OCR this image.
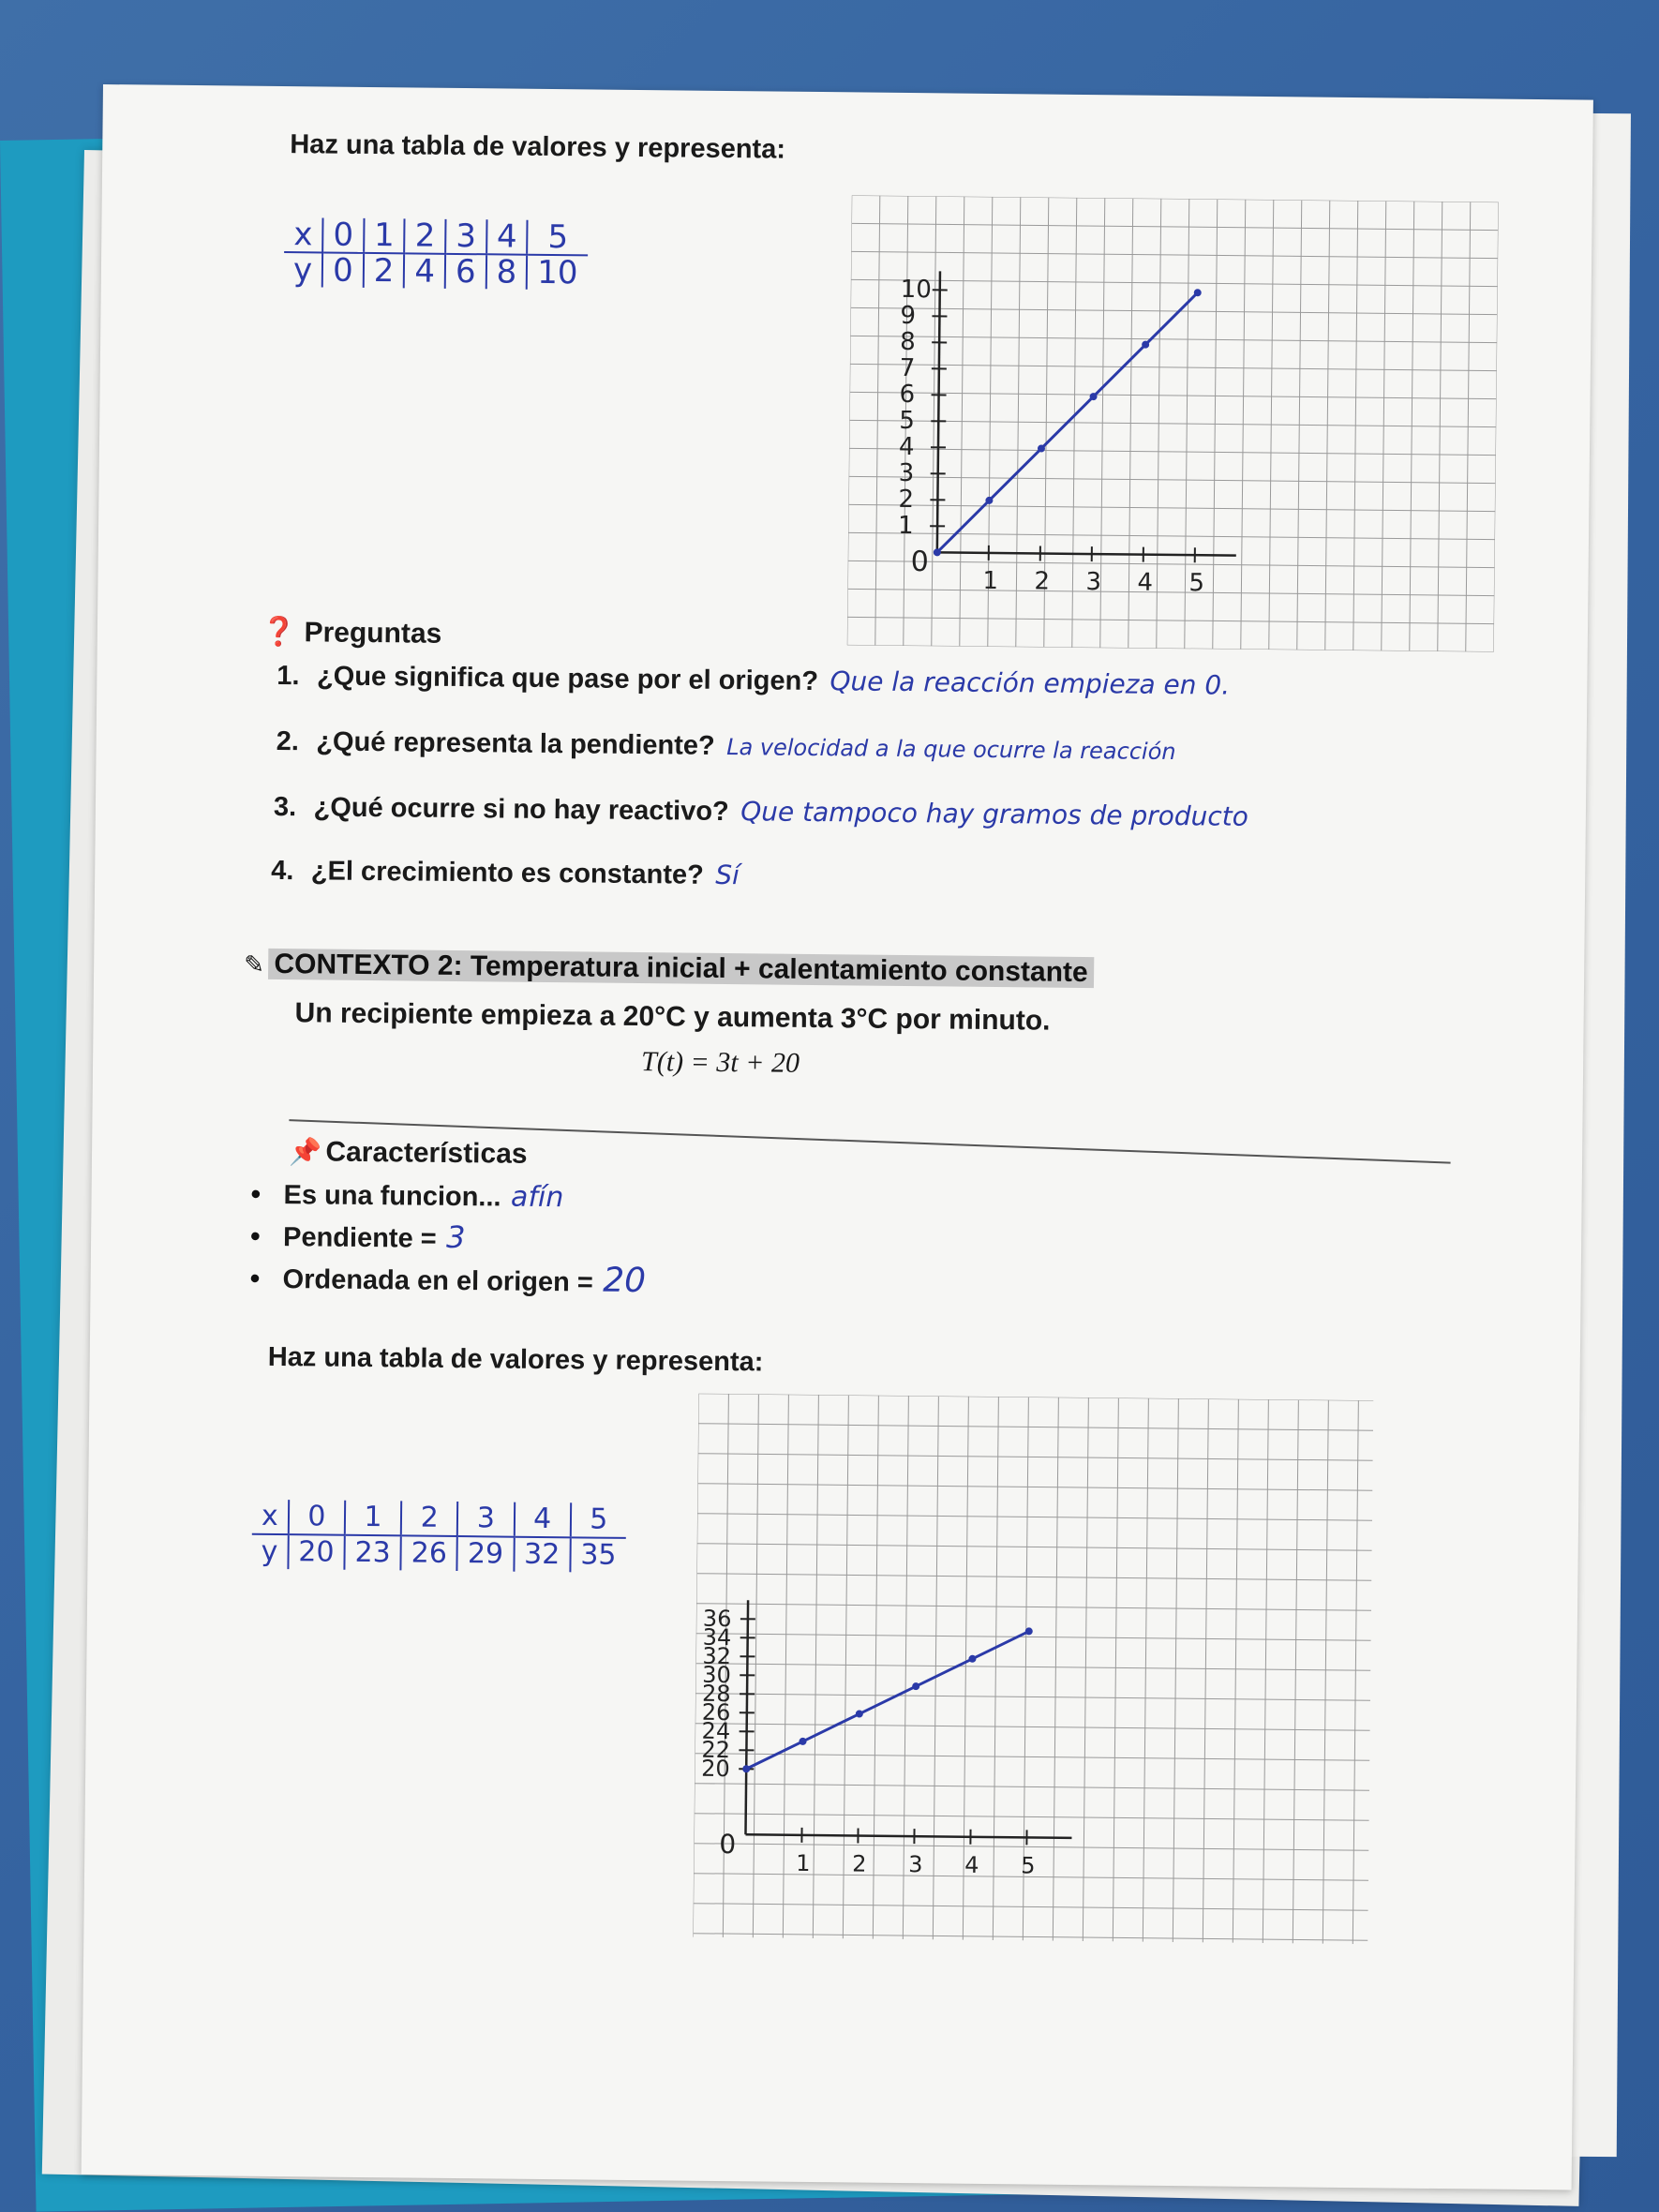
Haz una tabla de valores y representa:
x	0	1	2	3	4	5
y	0	2	4	6	8	10
1 2 3 4 5
1
2
3
4
5
6
7
8
9
10
0
❓ Preguntas
1. ¿Que significa que pase por el origen? Que la reacción empieza en 0.
2. ¿Qué representa la pendiente? La velocidad a la que ocurre la reacción
3. ¿Qué ocurre si no hay reactivo? Que tampoco hay gramos de producto
4. ¿El crecimiento es constante? Sí
✎ CONTEXTO 2: Temperatura inicial + calentamiento constante
Un recipiente empieza a 20°C y aumenta 3°C por minuto.
T(t) = 3t + 20
📌 Características
• Es una funcion... afín
• Pendiente = 3
• Ordenada en el origen = 20
Haz una tabla de valores y representa:
x	0	1	2	3	4	5
y	20	23	26	29	32	35
1 2 3 4 5
20
22
24
26
28
30
32
34
36
0
